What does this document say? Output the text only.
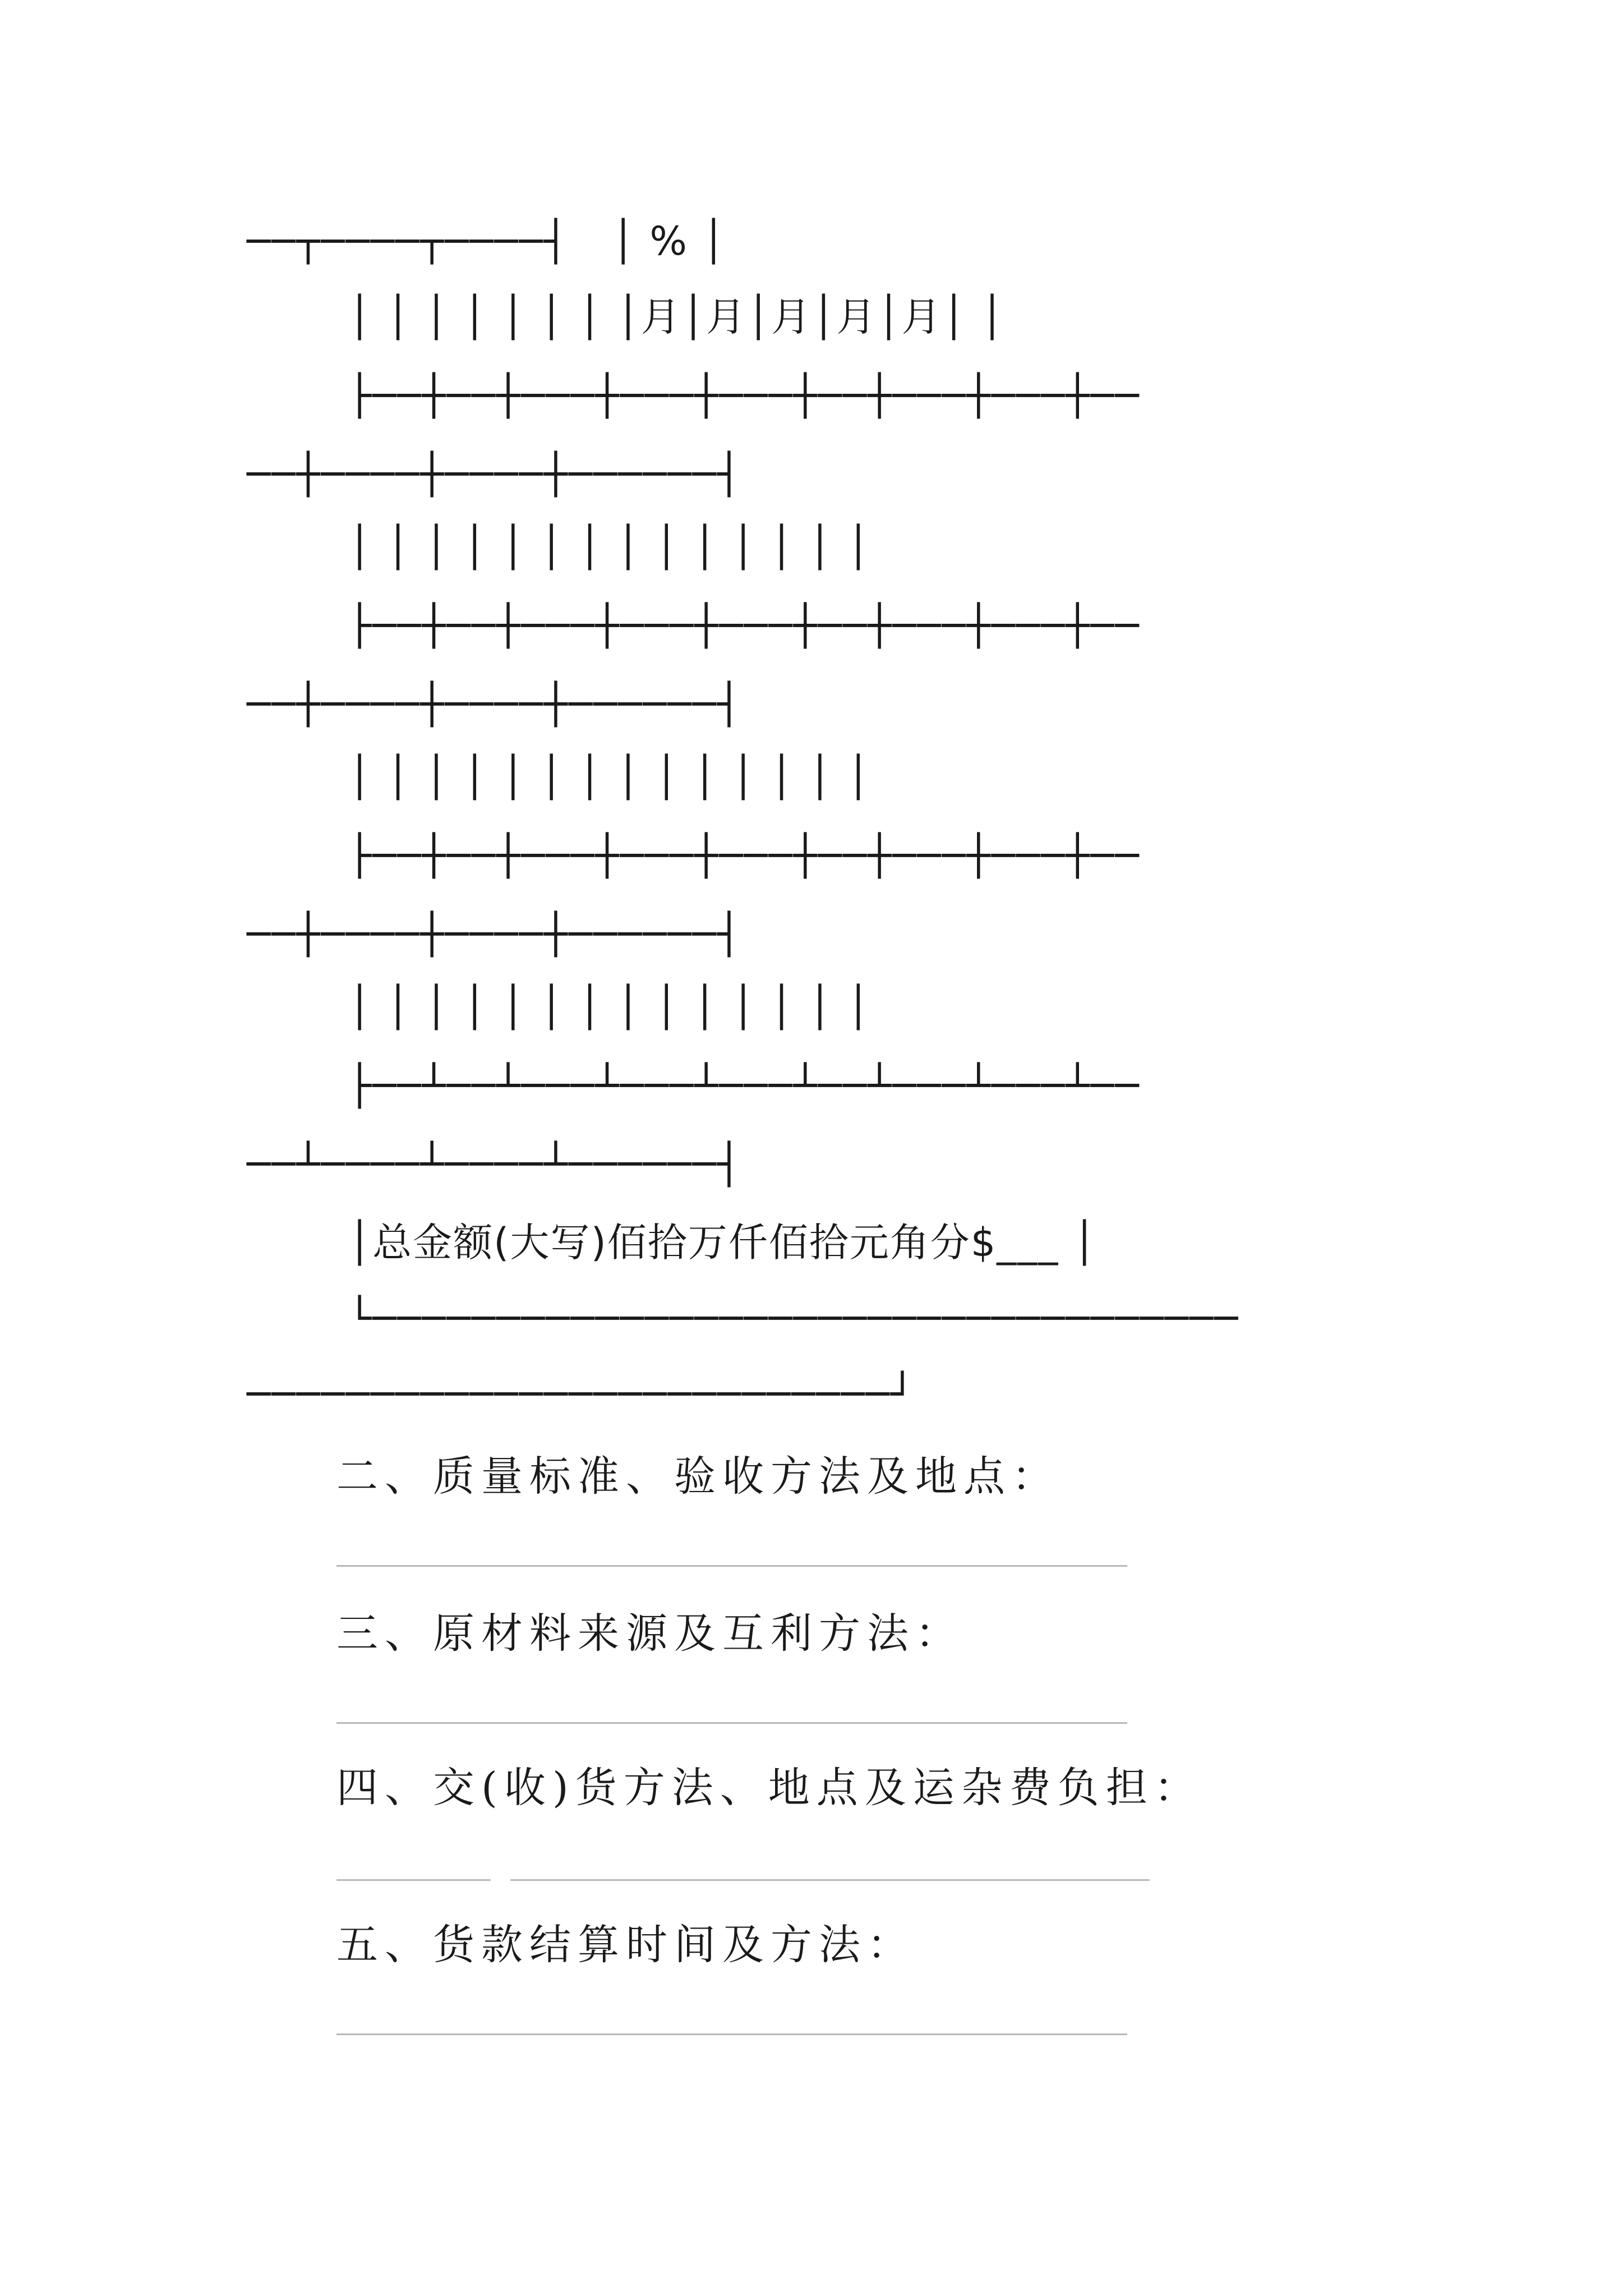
──┬────┬────┤ │ % │
│ │ │ │ │ │ │ │月│月│月│月│月│ │
├──┼──┼───┼───┼───┼──┼───┼───┼──
──┼────┼────┼──────┤
│ │ │ │ │ │ │ │ │ │ │ │ │ │
├──┼──┼───┼───┼───┼──┼───┼───┼──
──┼────┼────┼──────┤
│ │ │ │ │ │ │ │ │ │ │ │ │ │
├──┼──┼───┼───┼───┼──┼───┼───┼──
──┼────┼────┼──────┤
│ │ │ │ │ │ │ │ │ │ │ │ │ │
├──┴──┴───┴───┴───┴──┴───┴───┴──
──┴────┴────┴──────┤
│总金额(大写)佰拾万仟佰拾元角分$___ │
└───────────────────────────────────
──────────────────────────┘
二、质量标准、验收方法及地点：
三、原材料来源及互利方法：
四、交(收)货方法、地点及运杂费负担：
五、货款结算时间及方法：
